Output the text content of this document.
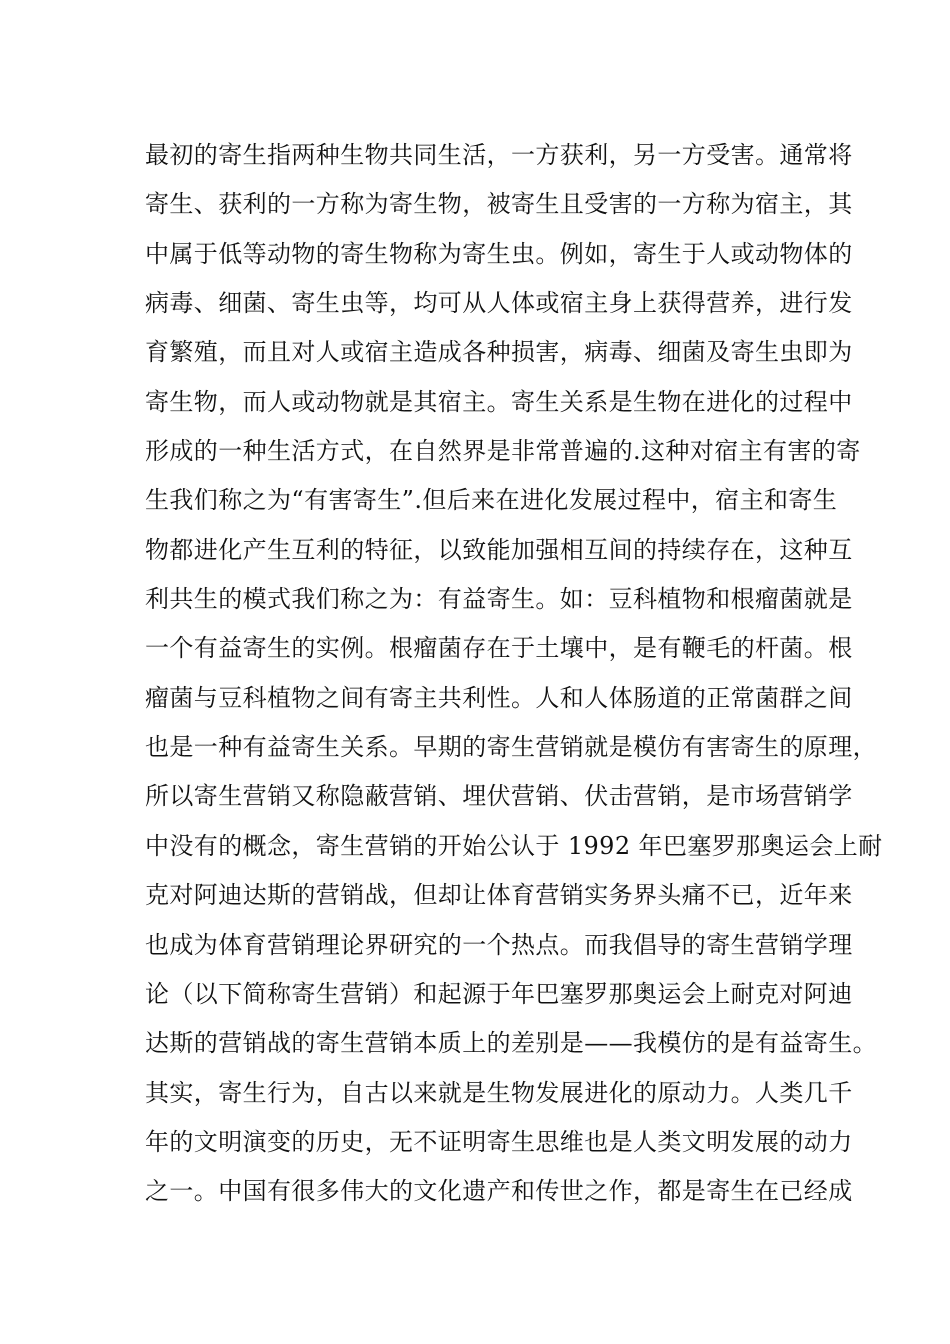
最初的寄生指两种生物共同生活，一方获利，另一方受害。通常将
寄生、获利的一方称为寄生物，被寄生且受害的一方称为宿主，其
中属于低等动物的寄生物称为寄生虫。例如，寄生于人或动物体的
病毒、细菌、寄生虫等，均可从人体或宿主身上获得营养，进行发
育繁殖，而且对人或宿主造成各种损害，病毒、细菌及寄生虫即为
寄生物，而人或动物就是其宿主。寄生关系是生物在进化的过程中
形成的一种生活方式，在自然界是非常普遍的.这种对宿主有害的寄
生我们称之为“有害寄生”.但后来在进化发展过程中，宿主和寄生
物都进化产生互利的特征，以致能加强相互间的持续存在，这种互
利共生的模式我们称之为：有益寄生。如：豆科植物和根瘤菌就是
一个有益寄生的实例。根瘤菌存在于土壤中，是有鞭毛的杆菌。根
瘤菌与豆科植物之间有寄主共利性。人和人体肠道的正常菌群之间
也是一种有益寄生关系。早期的寄生营销就是模仿有害寄生的原理，
所以寄生营销又称隐蔽营销、埋伏营销、伏击营销，是市场营销学
中没有的概念，寄生营销的开始公认于 1992 年巴塞罗那奥运会上耐
克对阿迪达斯的营销战，但却让体育营销实务界头痛不已，近年来
也成为体育营销理论界研究的一个热点。而我倡导的寄生营销学理
论（以下简称寄生营销）和起源于年巴塞罗那奥运会上耐克对阿迪
达斯的营销战的寄生营销本质上的差别是——我模仿的是有益寄生。
其实，寄生行为，自古以来就是生物发展进化的原动力。人类几千
年的文明演变的历史，无不证明寄生思维也是人类文明发展的动力
之一。中国有很多伟大的文化遗产和传世之作，都是寄生在已经成
